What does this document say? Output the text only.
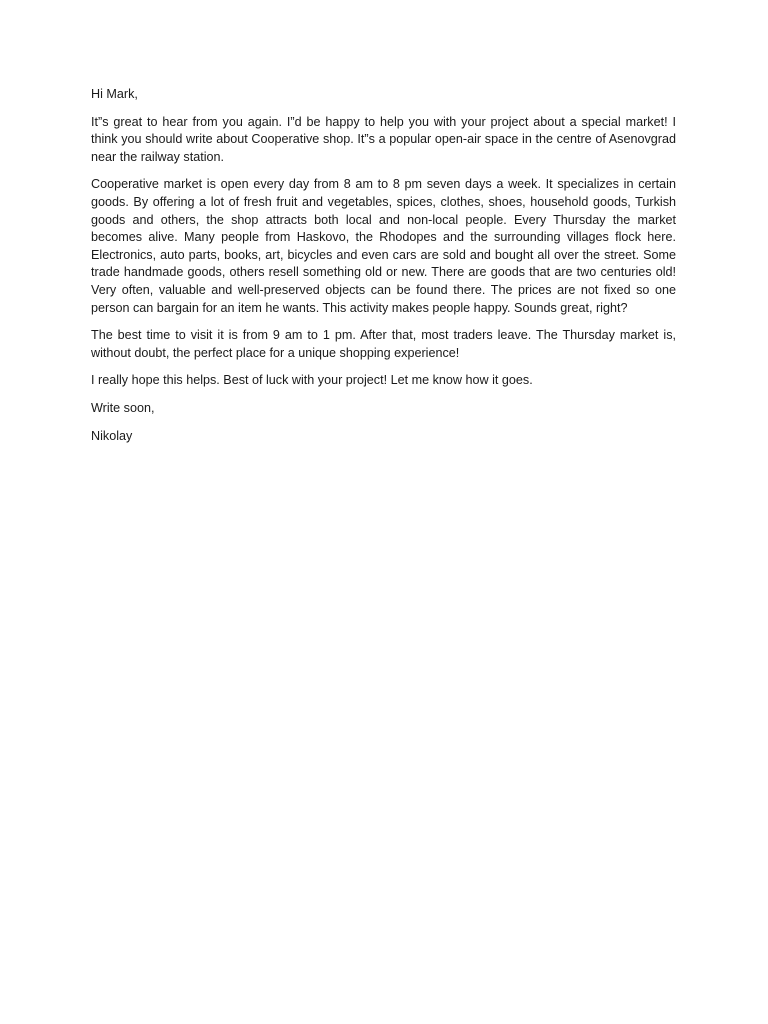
Hi Mark,

It”s great to hear from you again. I”d be happy to help you with your project about a special market! I think you should write about Cooperative shop. It”s a popular open-air space in the centre of Asenovgrad near the railway station.

Cooperative market is open every day from 8 am to 8 pm seven days a week. It specializes in certain goods. By offering a lot of fresh fruit and vegetables, spices, clothes, shoes, household goods, Turkish goods and others, the shop attracts both local and non-local people. Every Thursday the market becomes alive. Many people from Haskovo, the Rhodopes and the surrounding villages flock here. Electronics, auto parts, books, art, bicycles and even cars are sold and bought all over the street. Some trade handmade goods, others resell something old or new. There are goods that are two centuries old! Very often, valuable and well-preserved objects can be found there. The prices are not fixed so one person can bargain for an item he wants. This activity makes people happy. Sounds great, right?

The best time to visit it is from 9 am to 1 pm. After that, most traders leave. The Thursday market is, without doubt, the perfect place for a unique shopping experience!

I really hope this helps. Best of luck with your project! Let me know how it goes.

Write soon,

Nikolay
